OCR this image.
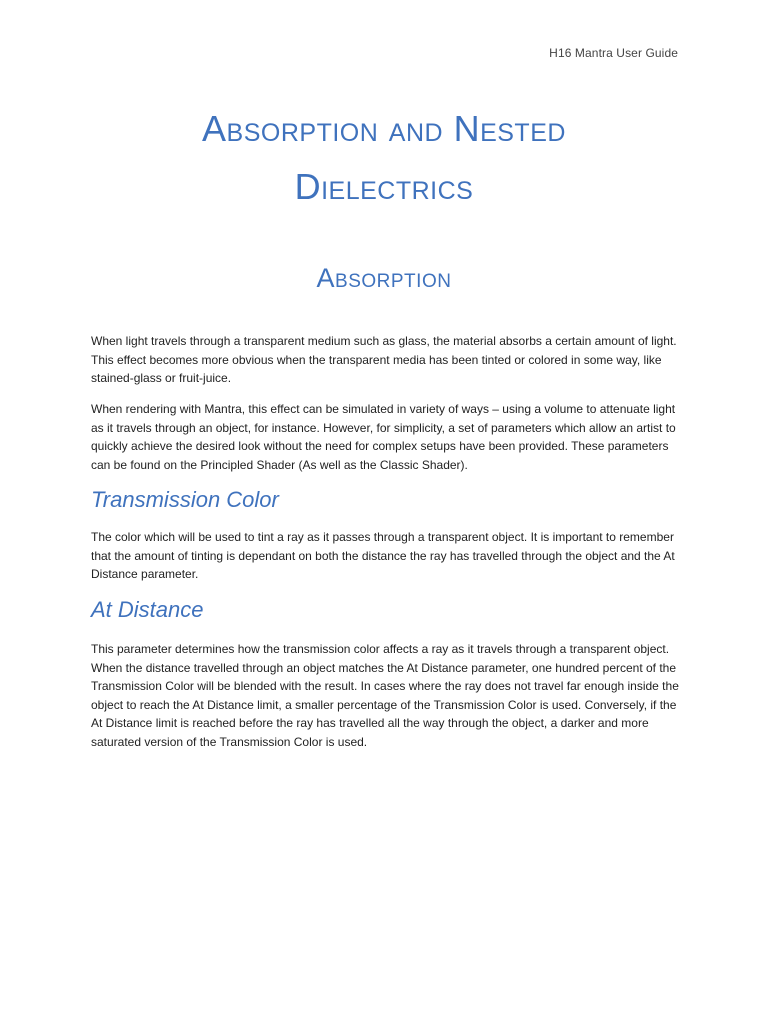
H16 Mantra User Guide
Absorption and Nested
Dielectrics
Absorption

When light travels through a transparent medium such as glass, the material absorbs a certain amount of light. This effect becomes more obvious when the transparent media has been tinted or colored in some way, like stained-glass or fruit-juice.

When rendering with Mantra, this effect can be simulated in variety of ways – using a volume to attenuate light as it travels through an object, for instance. However, for simplicity, a set of parameters which allow an artist to quickly achieve the desired look without the need for complex setups have been provided. These parameters can be found on the Principled Shader (As well as the Classic Shader).

Transmission Color

The color which will be used to tint a ray as it passes through a transparent object. It is important to remember that the amount of tinting is dependant on both the distance the ray has travelled through the object and the At Distance parameter.

At Distance

This parameter determines how the transmission color affects a ray as it travels through a transparent object. When the distance travelled through an object matches the At Distance parameter, one hundred percent of the Transmission Color will be blended with the result. In cases where the ray does not travel far enough inside the object to reach the At Distance limit, a smaller percentage of the Transmission Color is used. Conversely, if the At Distance limit is reached before the ray has travelled all the way through the object, a darker and more saturated version of the Transmission Color is used.
